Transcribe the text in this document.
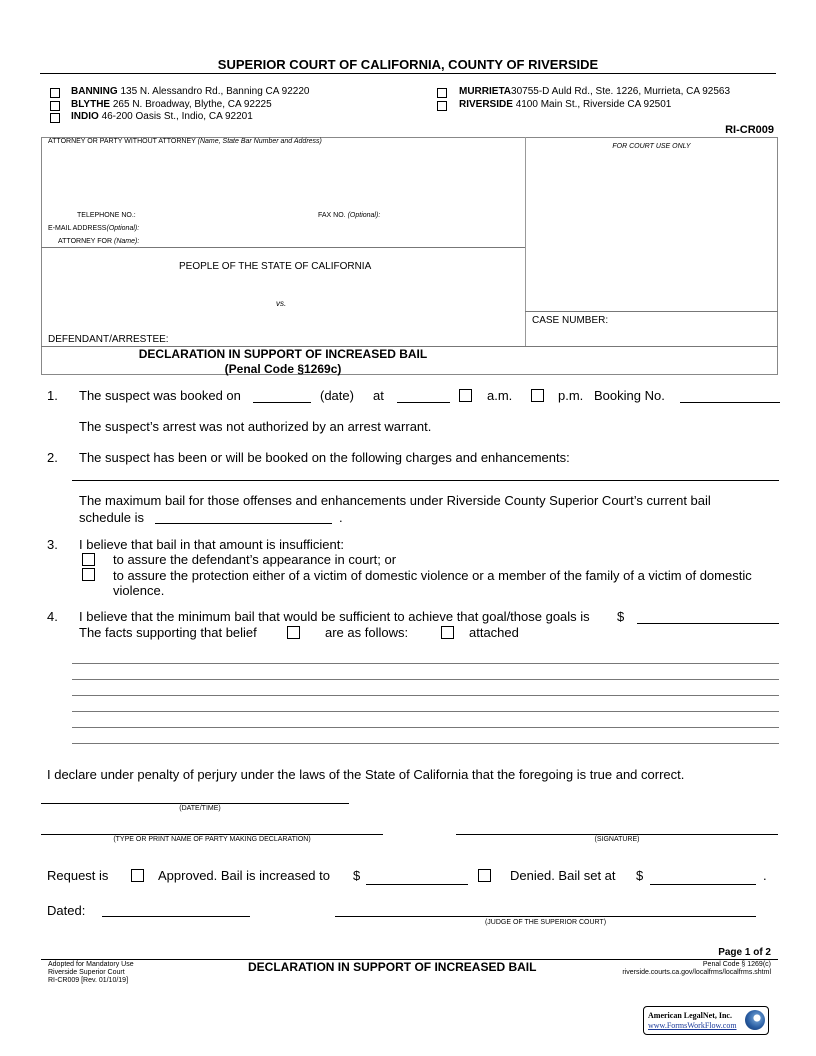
SUPERIOR COURT OF CALIFORNIA, COUNTY OF RIVERSIDE
BANNING 135 N. Alessandro Rd., Banning CA 92220
BLYTHE 265 N. Broadway, Blythe, CA 92225
INDIO 46-200 Oasis St., Indio, CA 92201
MURRIETA30755-D Auld Rd., Ste. 1226, Murrieta, CA 92563
RIVERSIDE 4100 Main St., Riverside CA 92501
RI-CR009
ATTORNEY OR PARTY WITHOUT ATTORNEY (Name, State Bar Number and Address)
FOR COURT USE ONLY
TELEPHONE NO.:	FAX NO. (Optional):
E-MAIL ADDRESS(Optional):
ATTORNEY FOR (Name):
PEOPLE OF THE STATE OF CALIFORNIA
vs.
DEFENDANT/ARRESTEE:
CASE NUMBER:
DECLARATION IN SUPPORT OF INCREASED BAIL
(Penal Code §1269c)
1. The suspect was booked on	(date) at	a.m.	p.m. Booking No.
The suspect’s arrest was not authorized by an arrest warrant.
2. The suspect has been or will be booked on the following charges and enhancements:
The maximum bail for those offenses and enhancements under Riverside County Superior Court’s current bail
schedule is	.
3. I believe that bail in that amount is insufficient:
to assure the defendant’s appearance in court; or
to assure the protection either of a victim of domestic violence or a member of the family of a victim of domestic
violence.
4. I believe that the minimum bail that would be sufficient to achieve that goal/those goals is $
The facts supporting that belief	are as follows:	attached
I declare under penalty of perjury under the laws of the State of California that the foregoing is true and correct.
(DATE/TIME)
(TYPE OR PRINT NAME OF PARTY MAKING DECLARATION)	(SIGNATURE)
Request is	Approved. Bail is increased to $	Denied. Bail set at $	.
Dated:
(JUDGE OF THE SUPERIOR COURT)
Page 1 of 2
Adopted for Mandatory Use
Riverside Superior Court
RI-CR009 [Rev. 01/10/19]
DECLARATION IN SUPPORT OF INCREASED BAIL	Penal Code § 1269(c)
riverside.courts.ca.gov/localfrms/localfrms.shtml
American LegalNet, Inc.
www.FormsWorkFlow.com
